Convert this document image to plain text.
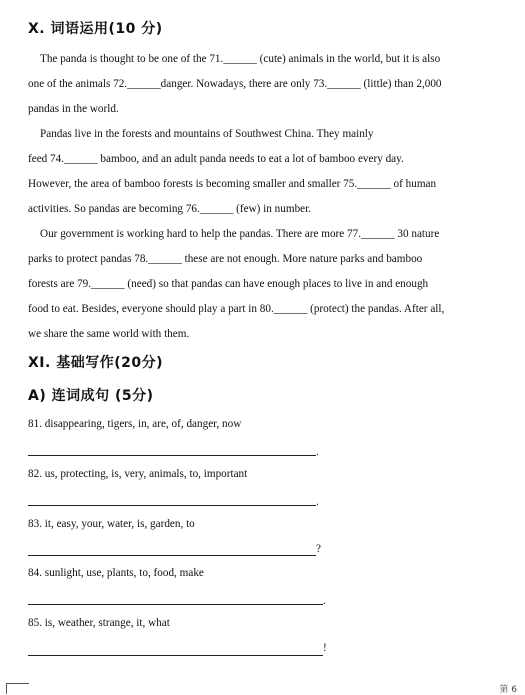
X. 词语运用(10 分)
The panda is thought to be one of the 71.______ (cute) animals in the world, but it is also
one of the animals 72.______danger. Nowadays, there are only 73.______ (little) than 2,000
pandas in the world.
Pandas live in the forests and mountains of Southwest China. They mainly
feed 74.______ bamboo, and an adult panda needs to eat a lot of bamboo every day.
However, the area of bamboo forests is becoming smaller and smaller 75.______ of human
activities. So pandas are becoming 76.______ (few) in number.
Our government is working hard to help the pandas. There are more 77.______ 30 nature
parks to protect pandas 78.______ these are not enough. More nature parks and bamboo
forests are 79.______ (need) so that pandas can have enough places to live in and enough
food to eat. Besides, everyone should play a part in 80.______ (protect) the pandas. After all,
we share the same world with them.
XI. 基础写作(20分)
A) 连词成句 (5分)
81. disappearing, tigers, in, are, of, danger, now
.
82. us, protecting, is, very, animals, to, important
.
83. it, easy, your, water, is, garden, to
?
84. sunlight, use, plants, to, food, make
.
85. is, weather, strange, it, what
!
第 6
